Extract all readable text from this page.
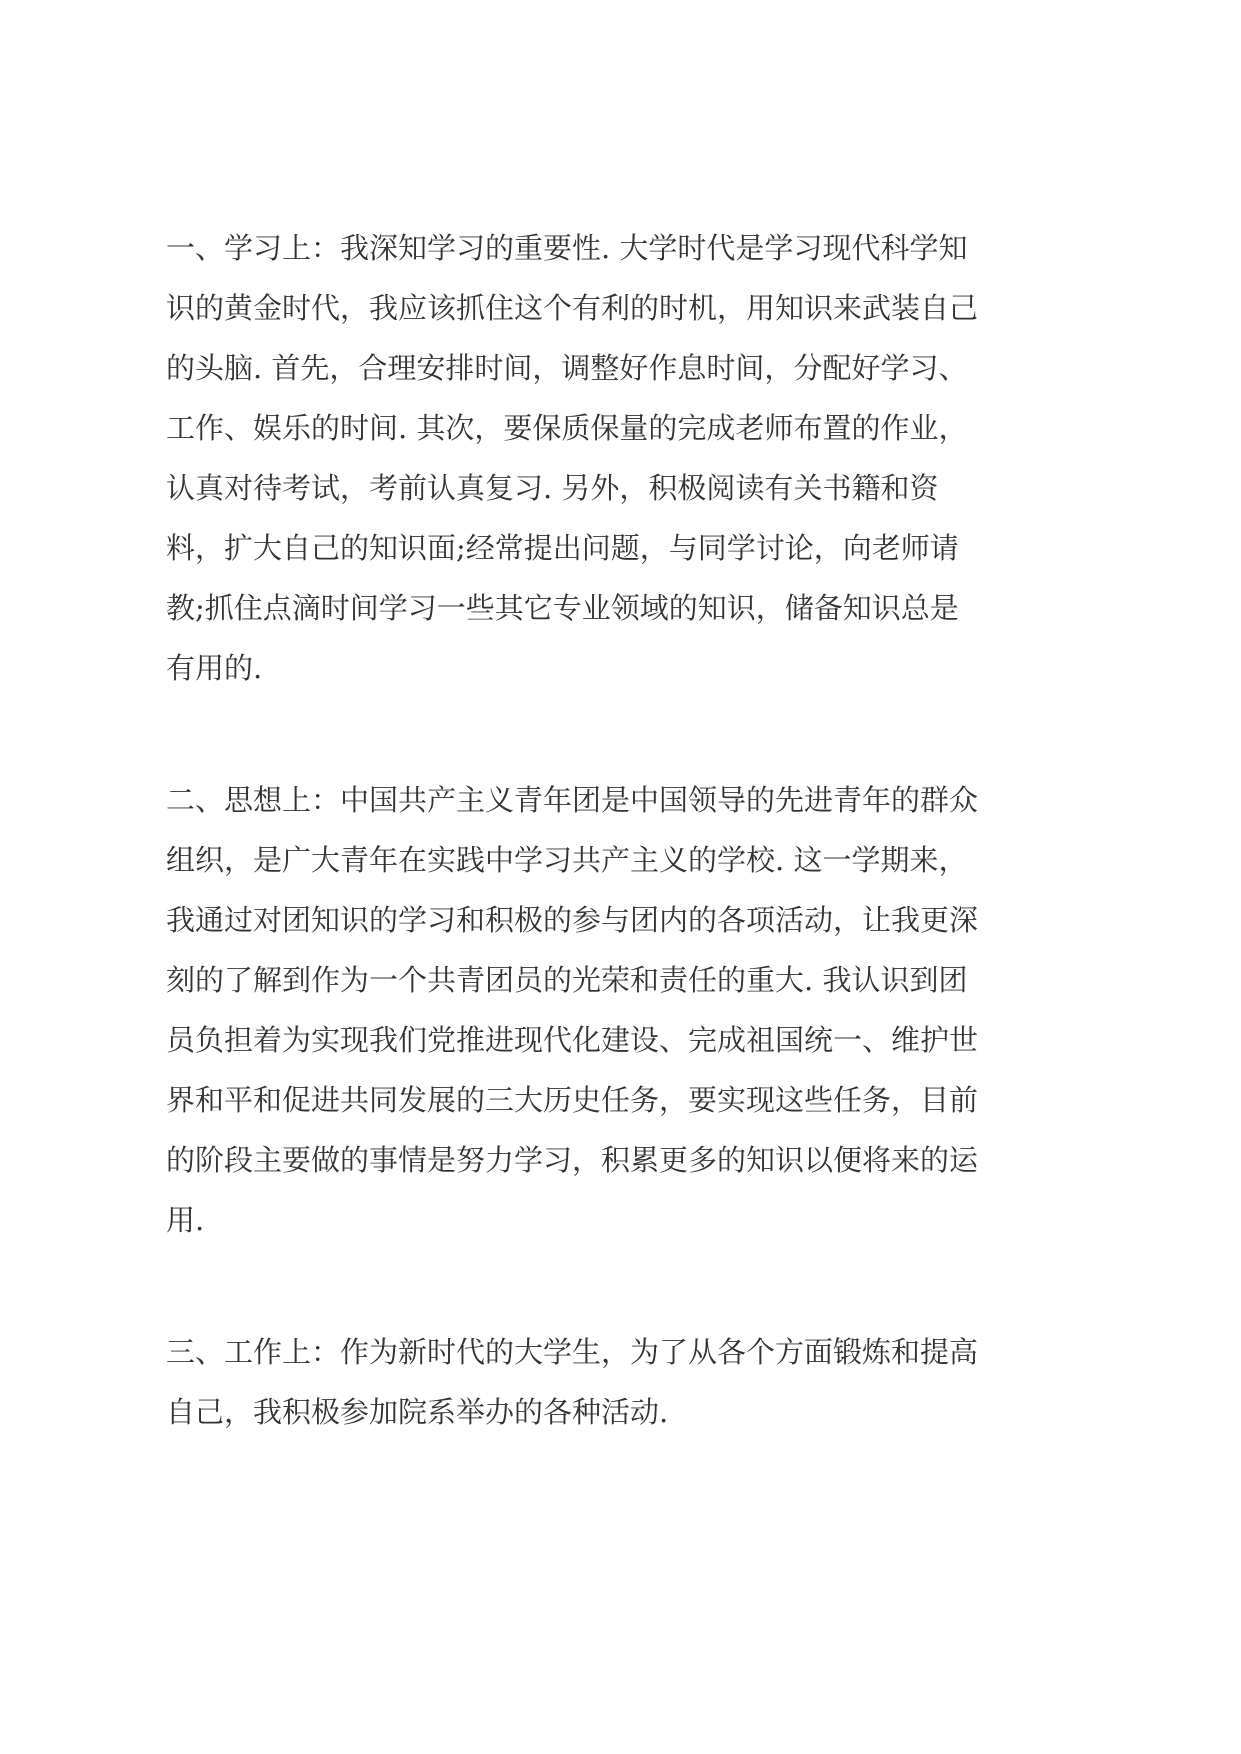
一、学习上：我深知学习的重要性. 大学时代是学习现代科学知
识的黄金时代，我应该抓住这个有利的时机，用知识来武装自己
的头脑. 首先，合理安排时间，调整好作息时间，分配好学习、
工作、娱乐的时间. 其次，要保质保量的完成老师布置的作业，
认真对待考试，考前认真复习. 另外，积极阅读有关书籍和资
料，扩大自己的知识面;经常提出问题，与同学讨论，向老师请
教;抓住点滴时间学习一些其它专业领域的知识，储备知识总是
有用的.
二、思想上：中国共产主义青年团是中国领导的先进青年的群众
组织，是广大青年在实践中学习共产主义的学校. 这一学期来，
我通过对团知识的学习和积极的参与团内的各项活动，让我更深
刻的了解到作为一个共青团员的光荣和责任的重大. 我认识到团
员负担着为实现我们党推进现代化建设、完成祖国统一、维护世
界和平和促进共同发展的三大历史任务，要实现这些任务，目前
的阶段主要做的事情是努力学习，积累更多的知识以便将来的运
用.
三、工作上：作为新时代的大学生，为了从各个方面锻炼和提高
自己，我积极参加院系举办的各种活动.
